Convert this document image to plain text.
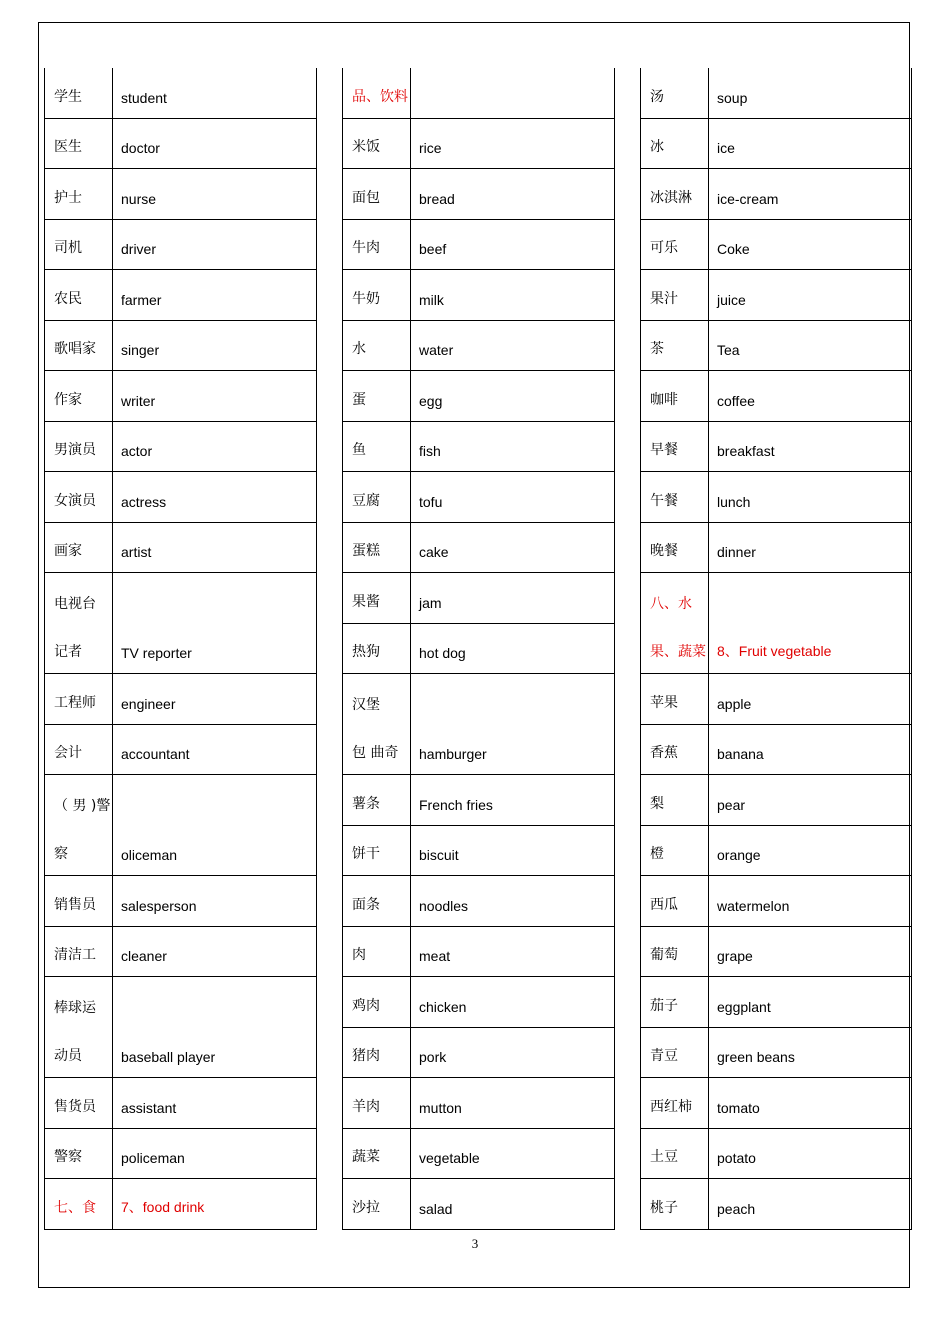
学生	student
医生	doctor
护士	nurse
司机	driver
农民	farmer
歌唱家 singer
作家	writer
男演员 actor
女演员 actress
画家	artist
电视台
记者	TV reporter
工程师 engineer
会计	accountant
（ 男 )警
察	oliceman
销售员 salesperson
清洁工 cleaner
棒球运
动员	baseball player
售货员 assistant
警察	policeman
七、食 7、food drink
品、饮料
米饭	rice
面包	bread
牛肉	beef
牛奶	milk
水	water
蛋	egg
鱼	fish
豆腐	tofu
蛋糕	cake
果酱	jam
热狗	hot dog
汉堡
包 曲奇 hamburger
薯条	French fries
饼干	biscuit
面条	noodles
肉	meat
鸡肉	chicken
猪肉	pork
羊肉	mutton
蔬菜	vegetable
沙拉	salad
汤	soup
冰	ice
冰淇淋 ice-cream
可乐	Coke
果汁	juice
茶	Tea
咖啡	coffee
早餐	breakfast
午餐	lunch
晚餐	dinner
八、水
果、蔬菜 8、Fruit vegetable
苹果	apple
香蕉	banana
梨	pear
橙	orange
西瓜	watermelon
葡萄	grape
茄子	eggplant
青豆	green beans
西红柿 tomato
土豆	potato
桃子	peach
3
